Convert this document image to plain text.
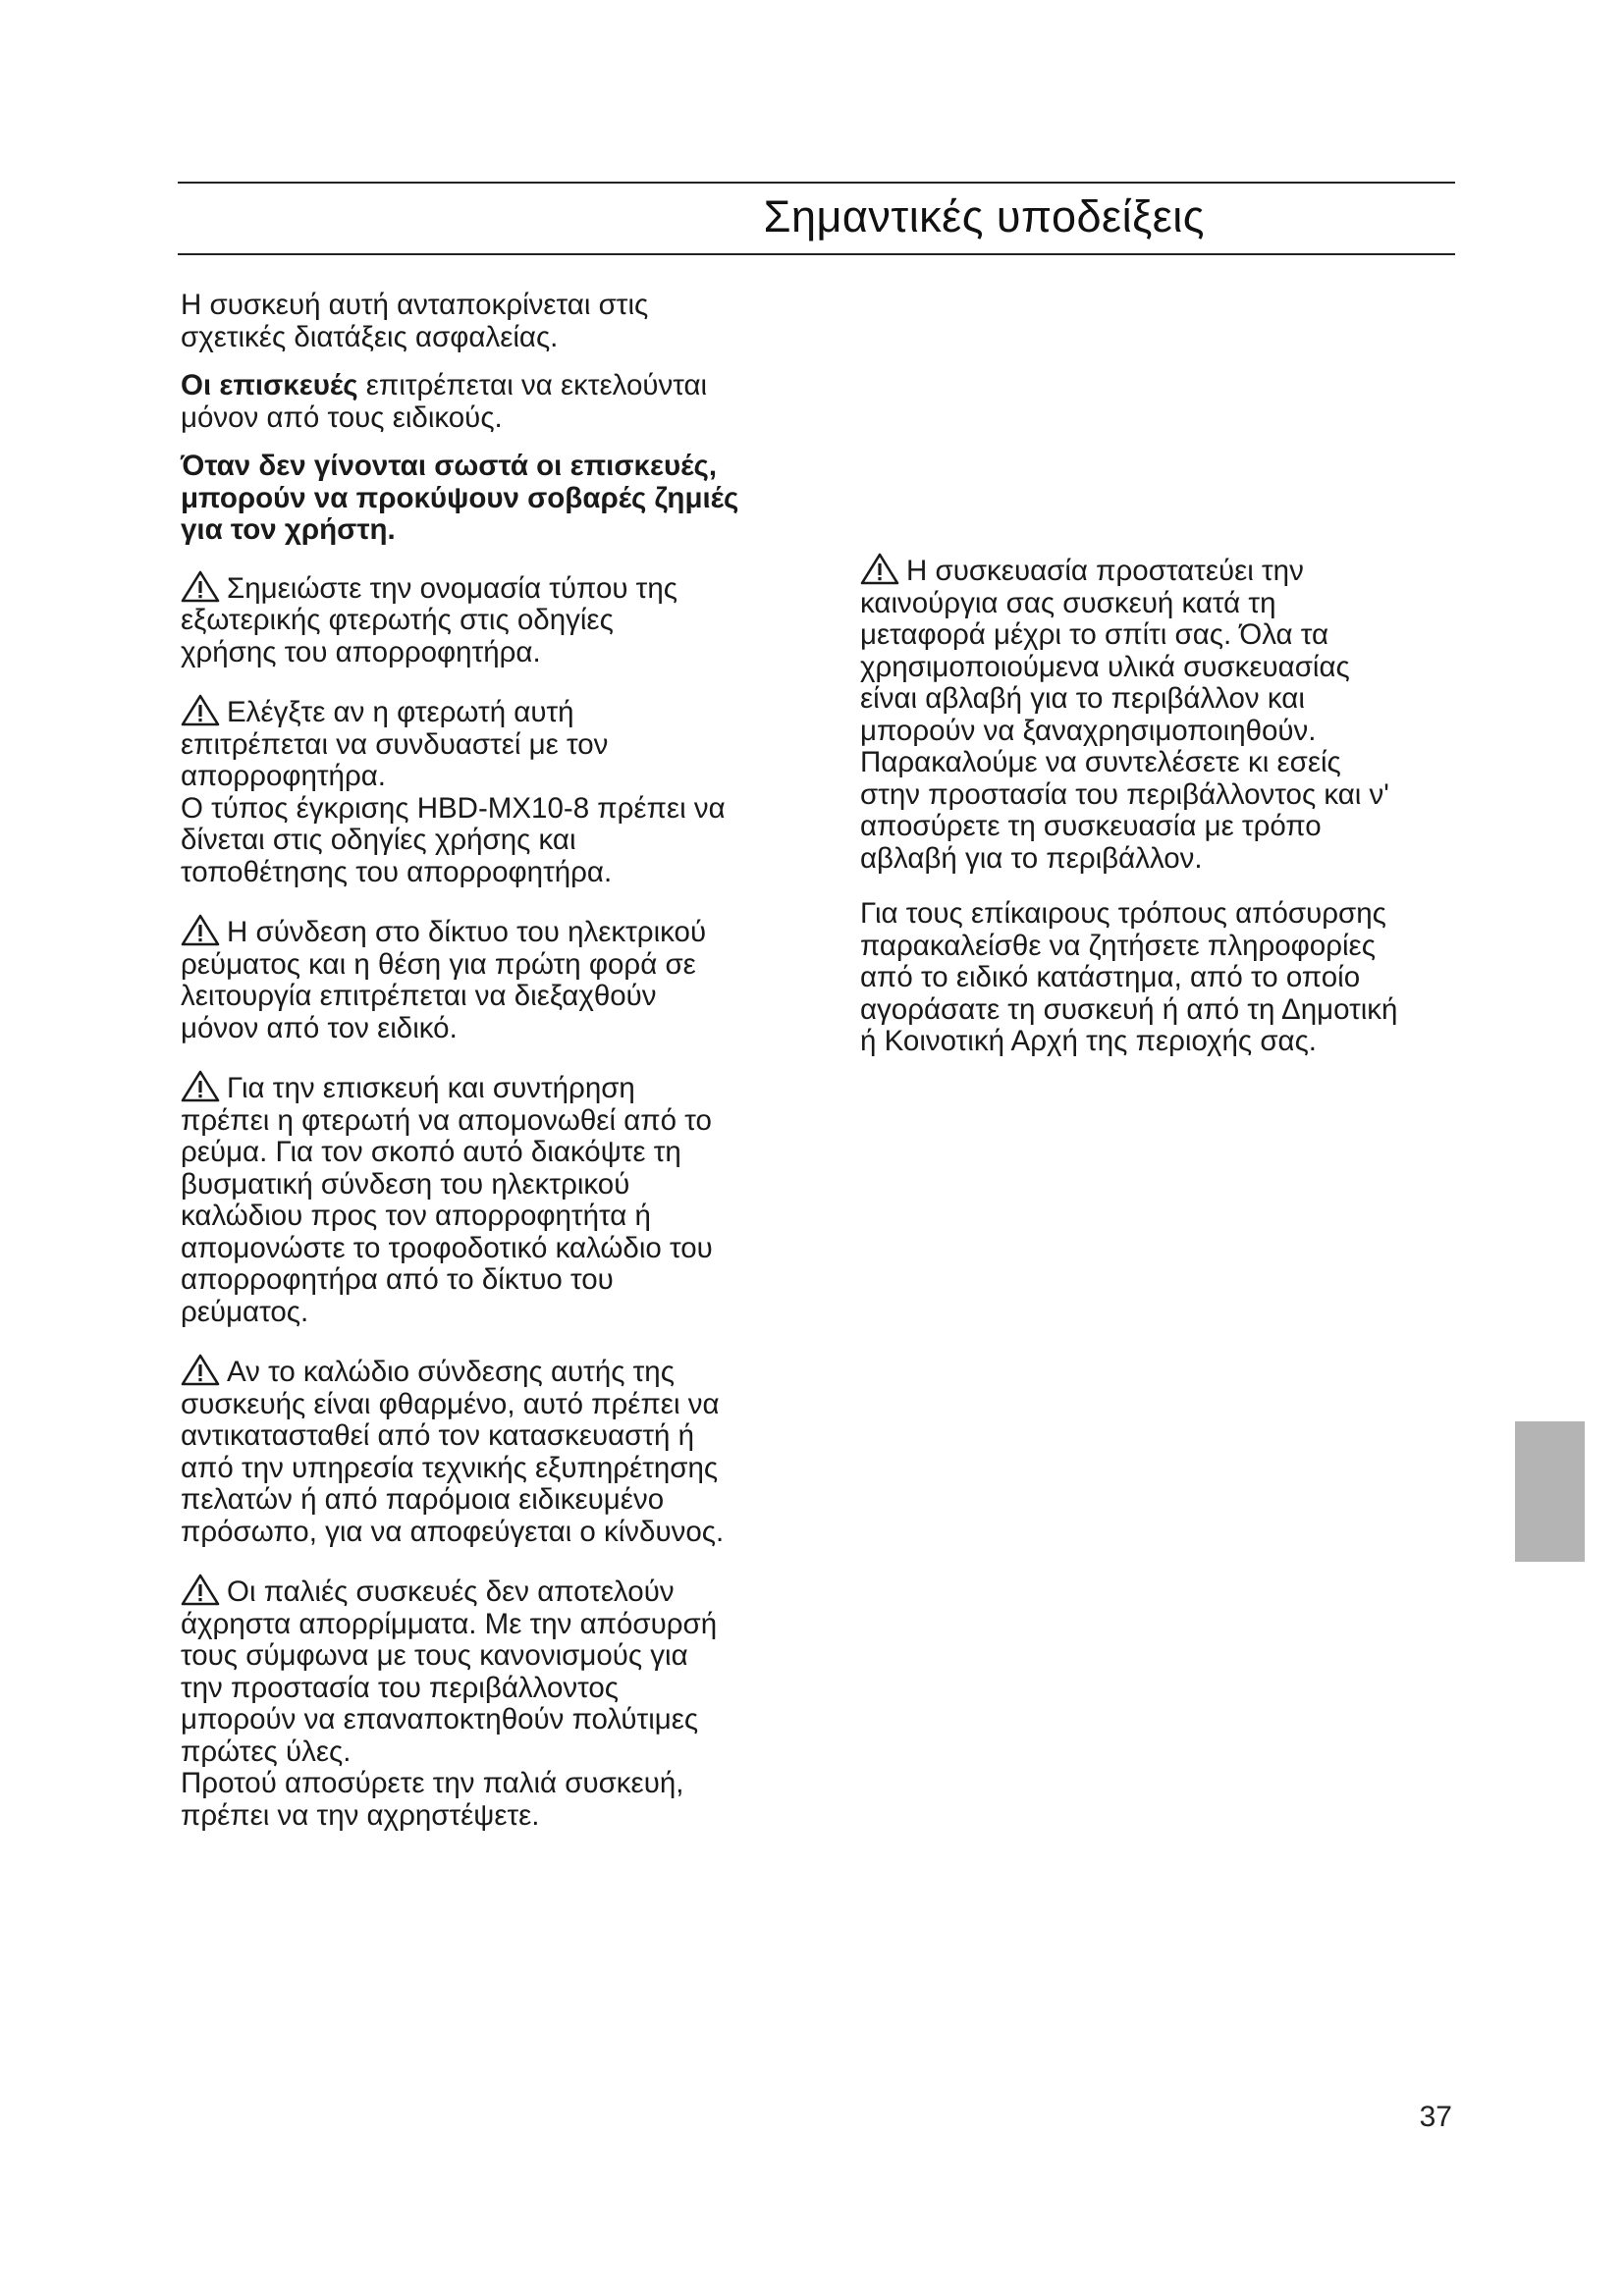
Σημαντικές υποδείξεις

Η συσκευή αυτή ανταποκρίνεται στις
σχετικές διατάξεις ασφαλείας.

Οι επισκευές επιτρέπεται να εκτελούνται
μόνον από τους ειδικούς.

Όταν δεν γίνονται σωστά οι επισκευές,
μπορούν να προκύψουν σοβαρές ζημιές
για τον χρήστη.

Σημειώστε την ονομασία τύπου της
εξωτερικής φτερωτής στις οδηγίες
χρήσης του απορροφητήρα.

Ελέγξτε αν η φτερωτή αυτή
επιτρέπεται να συνδυαστεί με τον
απορροφητήρα.
Ο τύπος έγκρισης HBD-MX10-8 πρέπει να
δίνεται στις οδηγίες χρήσης και
τοποθέτησης του απορροφητήρα.

Η σύνδεση στο δίκτυο του ηλεκτρικού
ρεύματος και η θέση για πρώτη φορά σε
λειτουργία επιτρέπεται να διεξαχθούν
μόνον από τον ειδικό.

Για την επισκευή και συντήρηση
πρέπει η φτερωτή να απομονωθεί από το
ρεύμα. Για τον σκοπό αυτό διακόψτε τη
βυσματική σύνδεση του ηλεκτρικού
καλώδιου προς τον απορροφητήτα ή
απομονώστε το τροφοδοτικό καλώδιο του
απορροφητήρα από το δίκτυο του
ρεύματος.

Αν το καλώδιο σύνδεσης αυτής της
συσκευής είναι φθαρμένο, αυτό πρέπει να
αντικατασταθεί από τον κατασκευαστή ή
από την υπηρεσία τεχνικής εξυπηρέτησης
πελατών ή από παρόμοια ειδικευμένο
πρόσωπο, για να αποφεύγεται ο κίνδυνος.

Οι παλιές συσκευές δεν αποτελούν
άχρηστα απορρίμματα. Με την απόσυρσή
τους σύμφωνα με τους κανονισμούς για
την προστασία του περιβάλλοντος
μπορούν να επαναποκτηθούν πολύτιμες
πρώτες ύλες.
Προτού αποσύρετε την παλιά συσκευή,
πρέπει να την αχρηστέψετε.

Η συσκευασία προστατεύει την
καινούργια σας συσκευή κατά τη
μεταφορά μέχρι το σπίτι σας. Όλα τα
χρησιμοποιούμενα υλικά συσκευασίας
είναι αβλαβή για το περιβάλλον και
μπορούν να ξαναχρησιμοποιηθούν.
Παρακαλούμε να συντελέσετε κι εσείς
στην προστασία του περιβάλλοντος και ν'
αποσύρετε τη συσκευασία με τρόπο
αβλαβή για το περιβάλλον.

Για τους επίκαιρους τρόπους απόσυρσης
παρακαλείσθε να ζητήσετε πληροφορίες
από το ειδικό κατάστημα, από το οποίο
αγοράσατε τη συσκευή ή από τη Δημοτική
ή Κοινοτική Αρχή της περιοχής σας.

37
